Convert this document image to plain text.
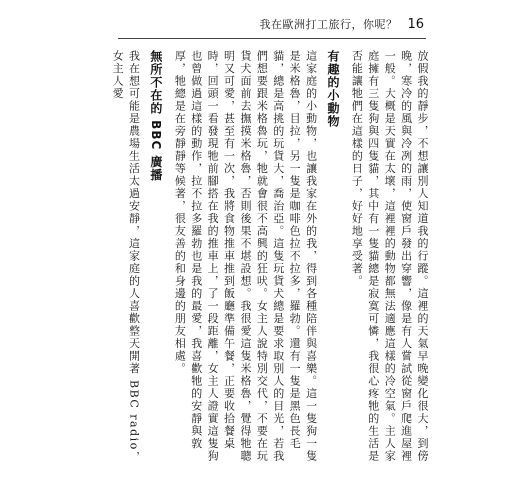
我在歐洲打工旅行，你呢？ 16

放假我的靜步，不想讓別人知道我的行蹤。這裡的天氣早晚變化很大，到傍晚，寒冷的風與冷冽的雨，使窗戶發出穿響，像是有人嘗試從窗戶爬進屋裡一般。大概是天實在太壞，這裡裡的動物都無法適應這樣的冷空氣。主人家庭擁有三隻狗與四隻貓，其中有一隻貓總是寂寞可憐，我很心疼牠的生活是否能讓牠們在這樣的日子，好好地享受著。

有趣的小動物

這家庭的小動物，也讓我家在外的我，得到各種陪伴與喜樂。這一隻狗一隻是米格魯，目拉，另一隻是咖啡色拉不拉多，羅勃。還有一隻是黑色長毛貓，總是高挑的玩貨大，喬治亞。這隻玩貨犬總是要求取別人的目光，若我們想要跟米格魯玩，牠就會很不高興的狂吠。女主人說特別交代，不要在玩貨犬面前去撫摸米格魯，否則後果不堪設想。我很愛這隻米格魯，覺得牠聰明又可愛，甚至有一次，我將食物推車推到飯廳準備午餐，正要收拾餐桌時，回頭一看發現牠前腳搭在我的推車上，了一段距離，女主人證實這隻狗也曾做過這樣的動作，拉不拉多羅勃也是我的最愛，我喜歡牠的安靜與敦厚，牠總是在旁靜靜等候著，很友善的和身邊的朋友相處。

無所不在的 BBC 廣播

我在想可能是農場生活太過安靜，這家庭的人喜歡整天開著 BBC radio，女主人愛
